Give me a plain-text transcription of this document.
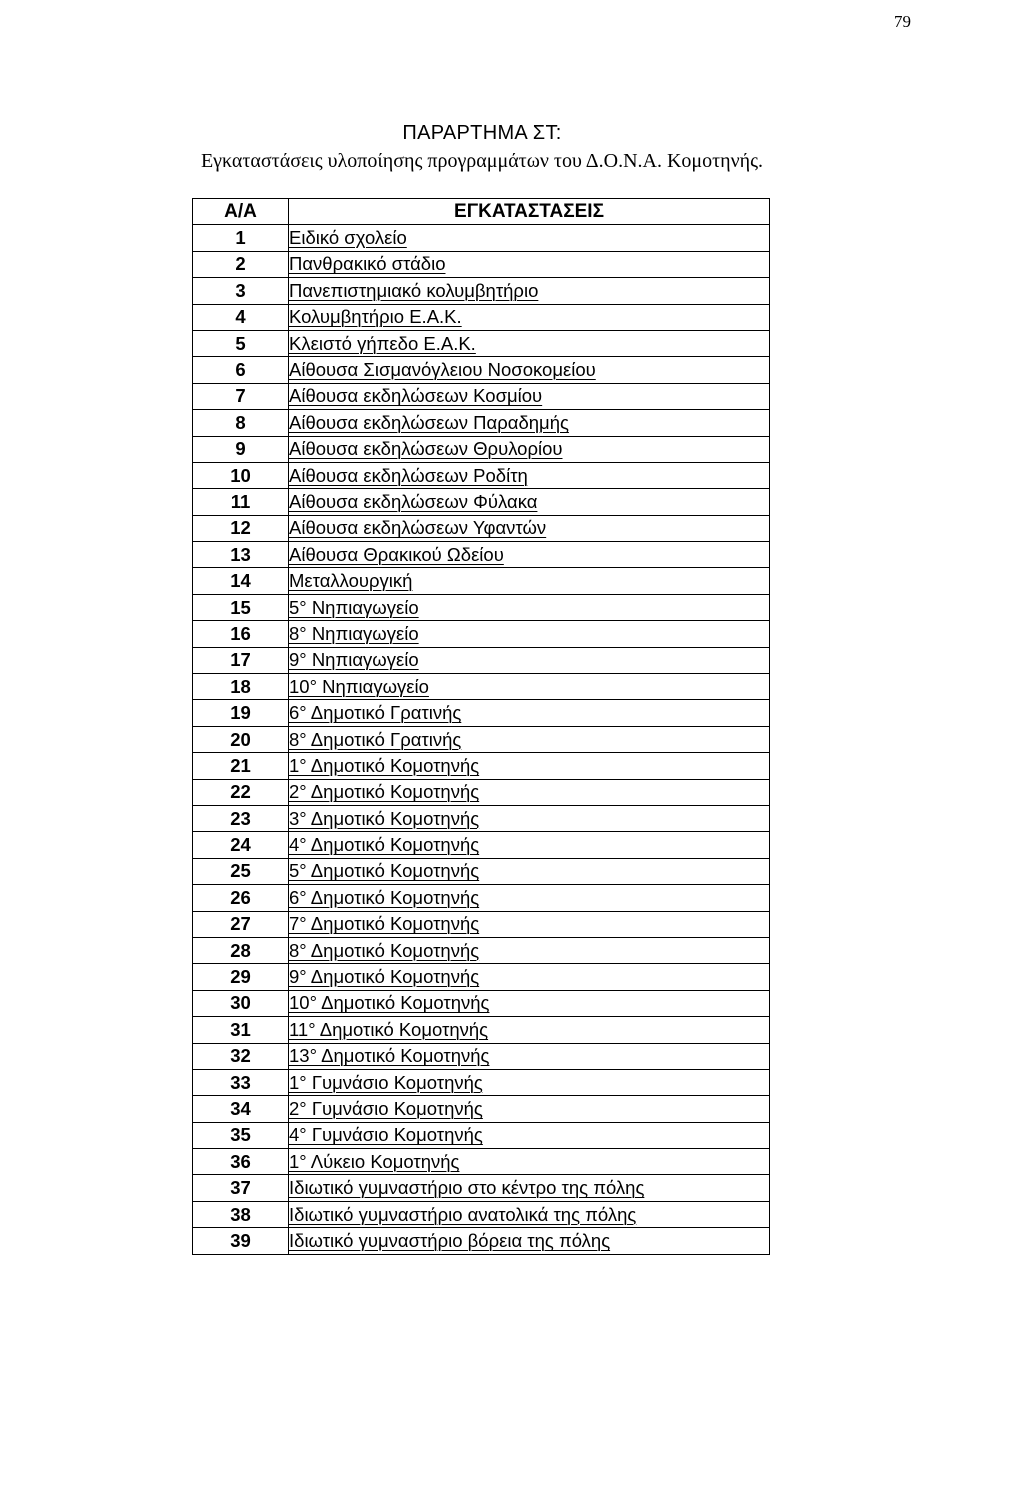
79
ΠΑΡΑΡΤΗΜΑ ΣΤ:
Εγκαταστάσεις υλοποίησης προγραμμάτων του Δ.Ο.Ν.Α. Κομοτηνής.
Α/Α	ΕΓΚΑΤΑΣΤΑΣΕΙΣ
1	Ειδικό σχολείο
2	Πανθρακικό στάδιο
3	Πανεπιστημιακό κολυμβητήριο
4	Κολυμβητήριο Ε.Α.Κ.
5	Κλειστό γήπεδο Ε.Α.Κ.
6	Αίθουσα Σισμανόγλειου Νοσοκομείου
7	Αίθουσα εκδηλώσεων Κοσμίου
8	Αίθουσα εκδηλώσεων Παραδημής
9	Αίθουσα εκδηλώσεων Θρυλορίου
10	Αίθουσα εκδηλώσεων Ροδίτη
11	Αίθουσα εκδηλώσεων Φύλακα
12	Αίθουσα εκδηλώσεων Υφαντών
13	Αίθουσα Θρακικού Ωδείου
14	Μεταλλουργική
15	5° Νηπιαγωγείο
16	8° Νηπιαγωγείο
17	9° Νηπιαγωγείο
18	10° Νηπιαγωγείο
19	6° Δημοτικό Γρατινής
20	8° Δημοτικό Γρατινής
21	1° Δημοτικό Κομοτηνής
22	2° Δημοτικό Κομοτηνής
23	3° Δημοτικό Κομοτηνής
24	4° Δημοτικό Κομοτηνής
25	5° Δημοτικό Κομοτηνής
26	6° Δημοτικό Κομοτηνής
27	7° Δημοτικό Κομοτηνής
28	8° Δημοτικό Κομοτηνής
29	9° Δημοτικό Κομοτηνής
30	10° Δημοτικό Κομοτηνής
31	11° Δημοτικό Κομοτηνής
32	13° Δημοτικό Κομοτηνής
33	1° Γυμνάσιο Κομοτηνής
34	2° Γυμνάσιο Κομοτηνής
35	4° Γυμνάσιο Κομοτηνής
36	1° Λύκειο Κομοτηνής
37	Ιδιωτικό γυμναστήριο στο κέντρο της πόλης
38	Ιδιωτικό γυμναστήριο ανατολικά της πόλης
39	Ιδιωτικό γυμναστήριο βόρεια της πόλης
